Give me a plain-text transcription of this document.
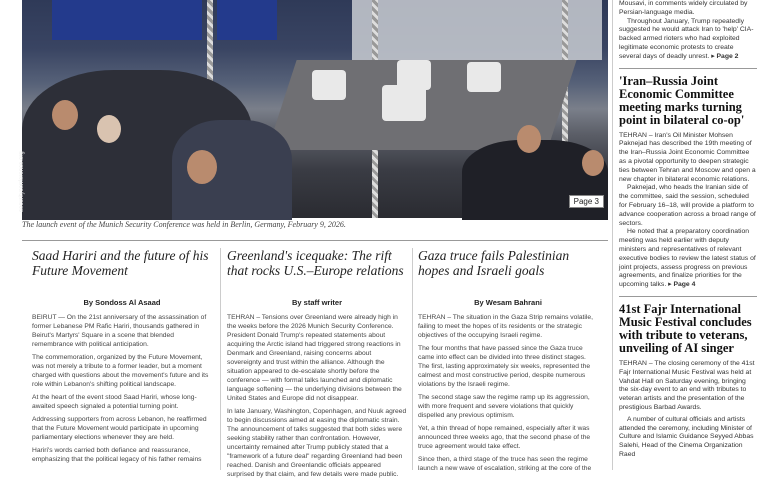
securityconference.org	Page 3
The launch event of the Munich Security Conference was held in Berlin, Germany, February 9, 2026.
Saad Hariri and the future of his Future Movement
By Sondoss Al Asaad

BEIRUT — On the 21st anniversary of the assassination of former Lebanese PM Rafic Hariri, thousands gathered in Beirut's Martyrs' Square in a scene that blended remembrance with political anticipation.

The commemoration, organized by the Future Movement, was not merely a tribute to a former leader, but a moment charged with questions about the movement's future and its role within Lebanon's shifting political landscape.

At the heart of the event stood Saad Hariri, whose long-awaited speech signaled a potential turning point.

Addressing supporters from across Lebanon, he reaffirmed that the Future Movement would participate in upcoming parliamentary elections whenever they are held.

Hariri's words carried both defiance and reassurance, emphasizing that the political legacy of his father remains

Greenland's icequake: The rift that rocks U.S.–Europe relations
By staff writer

TEHRAN – Tensions over Greenland were already high in the weeks before the 2026 Munich Security Conference. President Donald Trump's repeated statements about acquiring the Arctic island had triggered strong reactions in Denmark and Greenland, raising concerns about sovereignty and trust within the alliance. Although the situation appeared to de-escalate shortly before the conference — with formal talks launched and diplomatic language softening — the underlying divisions between the United States and Europe did not disappear.

In late January, Washington, Copenhagen, and Nuuk agreed to begin discussions aimed at easing the diplomatic strain. The announcement of talks suggested that both sides were seeking stability rather than confrontation. However, uncertainty remained after Trump publicly stated that a "framework of a future deal" regarding Greenland had been reached. Danish and Greenlandic officials appeared surprised by that claim, and few details were made public.

Gaza truce fails Palestinian hopes and Israeli goals
By Wesam Bahrani

TEHRAN – The situation in the Gaza Strip remains volatile, failing to meet the hopes of its residents or the strategic objectives of the occupying Israeli regime.

The four months that have passed since the Gaza truce came into effect can be divided into three distinct stages. The first, lasting approximately six weeks, represented the calmest and most constructive period, despite numerous violations by the Israeli regime.

The second stage saw the regime ramp up its aggression, with more frequent and severe violations that quickly dispelled any previous optimism.

Yet, a thin thread of hope remained, especially after it was announced three weeks ago, that the second phase of the truce agreement would take effect.

Since then, a third stage of the truce has seen the regime launch a new wave of escalation, striking at the core of the

Mousavi, in comments widely circulated by Persian-language media.

Throughout January, Trump repeatedly suggested he would attack Iran to 'help' CIA-backed armed rioters who had exploited legitimate economic protests to create several days of deadly unrest. ▸ Page 2

'Iran–Russia Joint Economic Committee meeting marks turning point in bilateral co-op'

TEHRAN – Iran's Oil Minister Mohsen Paknejad has described the 19th meeting of the Iran–Russia Joint Economic Committee as a pivotal opportunity to deepen strategic ties between Tehran and Moscow and open a new chapter in bilateral economic relations.

Paknejad, who heads the Iranian side of the committee, said the session, scheduled for February 16–18, will provide a platform to advance cooperation across a broad range of sectors.

He noted that a preparatory coordination meeting was held earlier with deputy ministers and representatives of relevant executive bodies to review the latest status of joint projects, assess progress on previous agreements, and finalize priorities for the upcoming talks. ▸ Page 4

41st Fajr International Music Festival concludes with tribute to veterans, unveiling of AI singer

TEHRAN – The closing ceremony of the 41st Fajr International Music Festival was held at Vahdat Hall on Saturday evening, bringing the six-day event to an end with tributes to veteran artists and the presentation of the prestigious Barbad Awards.

A number of cultural officials and artists attended the ceremony, including Minister of Culture and Islamic Guidance Seyyed Abbas Salehi, Head of the Cinema Organization Raed
